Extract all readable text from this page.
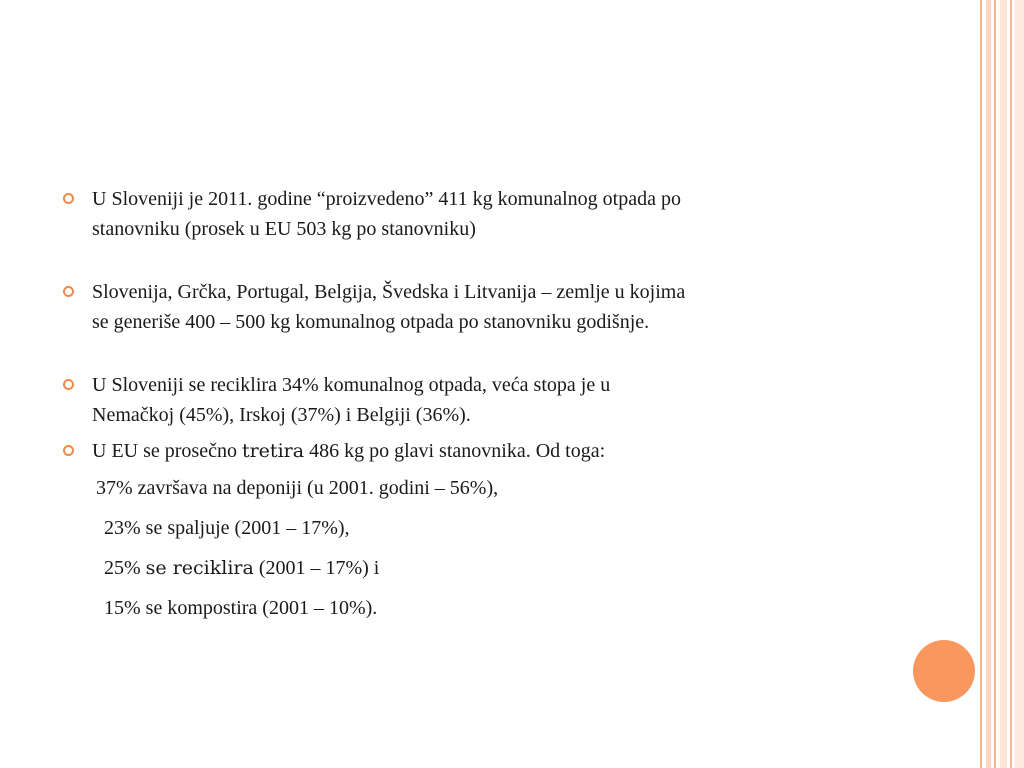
U Sloveniji je 2011. godine “proizvedeno” 411 kg komunalnog otpada po
stanovniku (prosek u EU 503 kg po stanovniku)
Slovenija, Grčka, Portugal, Belgija, Švedska i Litvanija – zemlje u kojima
se generiše 400 – 500 kg komunalnog otpada po stanovniku godišnje.
U Sloveniji se reciklira 34% komunalnog otpada, veća stopa je u
Nemačkoj (45%), Irskoj (37%) i Belgiji (36%).
U EU se prosečno tretira 486 kg po glavi stanovnika. Od toga:
37% završava na deponiji (u 2001. godini – 56%),
23% se spaljuje (2001 – 17%),
25% se reciklira (2001 – 17%) i
15% se kompostira (2001 – 10%).
